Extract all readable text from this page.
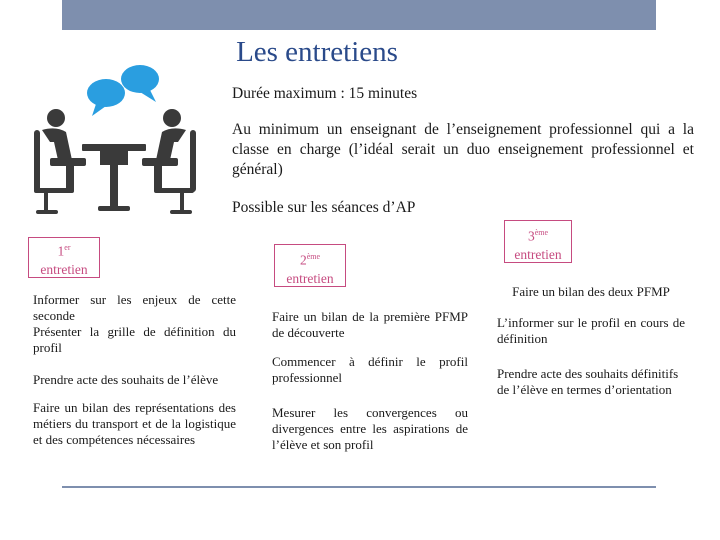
Les entretiens
Durée maximum : 15 minutes
Au minimum un enseignant de l’enseignement professionnel qui a la classe en charge (l’idéal serait un duo enseignement professionnel et général)
Possible sur les séances d’AP
1er
entretien

Informer sur les enjeux de cette seconde

Présenter la grille de définition du profil

Prendre acte des souhaits de l’élève

Faire un bilan des représentations des métiers du transport et de la logistique et des compétences nécessaires

2ème
entretien

Faire un bilan de la première PFMP de découverte

Commencer à définir le profil professionnel

Mesurer les convergences ou divergences entre les aspirations de l’élève et son profil

3ème
entretien

Faire un bilan des deux PFMP

L’informer sur le profil en cours de définition

Prendre acte des souhaits définitifs de l’élève en termes d’orientation
